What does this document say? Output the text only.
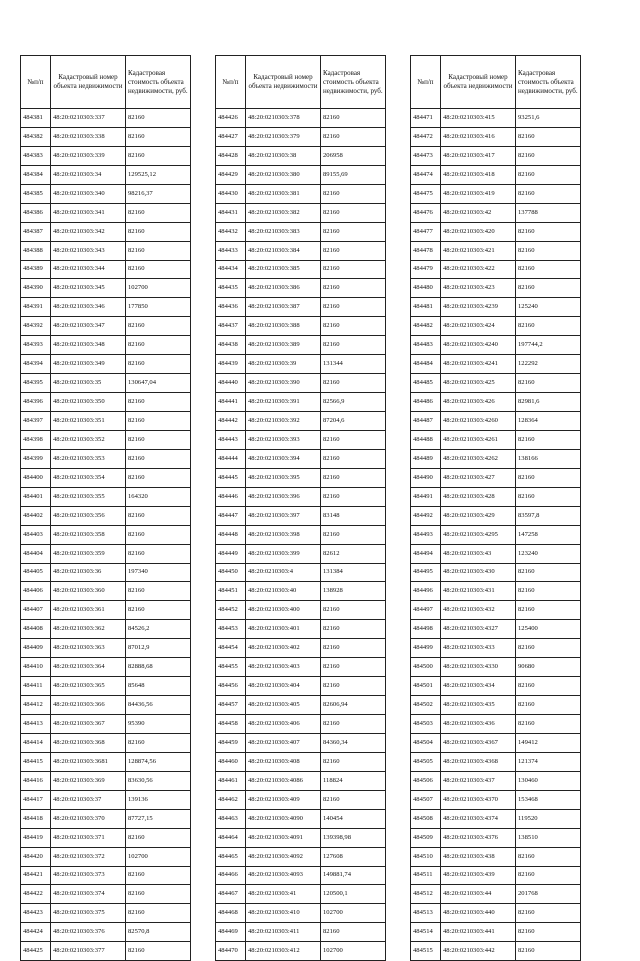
№п/п	Кадастровый номер объекта недвижимости	Кадастровая стоимость объекта недвижимости, руб.
484381	48:20:0210303:337	82160
484382	48:20:0210303:338	82160
484383	48:20:0210303:339	82160
484384	48:20:0210303:34	129525,12
484385	48:20:0210303:340	98216,37
484386	48:20:0210303:341	82160
484387	48:20:0210303:342	82160
484388	48:20:0210303:343	82160
484389	48:20:0210303:344	82160
484390	48:20:0210303:345	102700
484391	48:20:0210303:346	177850
484392	48:20:0210303:347	82160
484393	48:20:0210303:348	82160
484394	48:20:0210303:349	82160
484395	48:20:0210303:35	130647,04
484396	48:20:0210303:350	82160
484397	48:20:0210303:351	82160
484398	48:20:0210303:352	82160
484399	48:20:0210303:353	82160
484400	48:20:0210303:354	82160
484401	48:20:0210303:355	164320
484402	48:20:0210303:356	82160
484403	48:20:0210303:358	82160
484404	48:20:0210303:359	82160
484405	48:20:0210303:36	197340
484406	48:20:0210303:360	82160
484407	48:20:0210303:361	82160
484408	48:20:0210303:362	84526,2
484409	48:20:0210303:363	87012,9
484410	48:20:0210303:364	82888,68
484411	48:20:0210303:365	85648
484412	48:20:0210303:366	84436,56
484413	48:20:0210303:367	95390
484414	48:20:0210303:368	82160
484415	48:20:0210303:3681	128874,56
484416	48:20:0210303:369	83630,56
484417	48:20:0210303:37	139136
484418	48:20:0210303:370	87727,15
484419	48:20:0210303:371	82160
484420	48:20:0210303:372	102700
484421	48:20:0210303:373	82160
484422	48:20:0210303:374	82160
484423	48:20:0210303:375	82160
484424	48:20:0210303:376	82570,8
484425	48:20:0210303:377	82160
№п/п	Кадастровый номер объекта недвижимости	Кадастровая стоимость объекта недвижимости, руб.
484426	48:20:0210303:378	82160
484427	48:20:0210303:379	82160
484428	48:20:0210303:38	206958
484429	48:20:0210303:380	89155,69
484430	48:20:0210303:381	82160
484431	48:20:0210303:382	82160
484432	48:20:0210303:383	82160
484433	48:20:0210303:384	82160
484434	48:20:0210303:385	82160
484435	48:20:0210303:386	82160
484436	48:20:0210303:387	82160
484437	48:20:0210303:388	82160
484438	48:20:0210303:389	82160
484439	48:20:0210303:39	131344
484440	48:20:0210303:390	82160
484441	48:20:0210303:391	82566,9
484442	48:20:0210303:392	87204,6
484443	48:20:0210303:393	82160
484444	48:20:0210303:394	82160
484445	48:20:0210303:395	82160
484446	48:20:0210303:396	82160
484447	48:20:0210303:397	83148
484448	48:20:0210303:398	82160
484449	48:20:0210303:399	82612
484450	48:20:0210303:4	131384
484451	48:20:0210303:40	138928
484452	48:20:0210303:400	82160
484453	48:20:0210303:401	82160
484454	48:20:0210303:402	82160
484455	48:20:0210303:403	82160
484456	48:20:0210303:404	82160
484457	48:20:0210303:405	82606,94
484458	48:20:0210303:406	82160
484459	48:20:0210303:407	84360,34
484460	48:20:0210303:408	82160
484461	48:20:0210303:4086	118824
484462	48:20:0210303:409	82160
484463	48:20:0210303:4090	140454
484464	48:20:0210303:4091	139398,98
484465	48:20:0210303:4092	127608
484466	48:20:0210303:4093	149881,74
484467	48:20:0210303:41	120500,1
484468	48:20:0210303:410	102700
484469	48:20:0210303:411	82160
484470	48:20:0210303:412	102700
№п/п	Кадастровый номер объекта недвижимости	Кадастровая стоимость объекта недвижимости, руб.
484471	48:20:0210303:415	93251,6
484472	48:20:0210303:416	82160
484473	48:20:0210303:417	82160
484474	48:20:0210303:418	82160
484475	48:20:0210303:419	82160
484476	48:20:0210303:42	137788
484477	48:20:0210303:420	82160
484478	48:20:0210303:421	82160
484479	48:20:0210303:422	82160
484480	48:20:0210303:423	82160
484481	48:20:0210303:4239	125240
484482	48:20:0210303:424	82160
484483	48:20:0210303:4240	197744,2
484484	48:20:0210303:4241	122292
484485	48:20:0210303:425	82160
484486	48:20:0210303:426	82981,6
484487	48:20:0210303:4260	128364
484488	48:20:0210303:4261	82160
484489	48:20:0210303:4262	138166
484490	48:20:0210303:427	82160
484491	48:20:0210303:428	82160
484492	48:20:0210303:429	83597,8
484493	48:20:0210303:4295	147258
484494	48:20:0210303:43	123240
484495	48:20:0210303:430	82160
484496	48:20:0210303:431	82160
484497	48:20:0210303:432	82160
484498	48:20:0210303:4327	125400
484499	48:20:0210303:433	82160
484500	48:20:0210303:4330	90680
484501	48:20:0210303:434	82160
484502	48:20:0210303:435	82160
484503	48:20:0210303:436	82160
484504	48:20:0210303:4367	149412
484505	48:20:0210303:4368	121374
484506	48:20:0210303:437	130460
484507	48:20:0210303:4370	153468
484508	48:20:0210303:4374	119520
484509	48:20:0210303:4376	138510
484510	48:20:0210303:438	82160
484511	48:20:0210303:439	82160
484512	48:20:0210303:44	201768
484513	48:20:0210303:440	82160
484514	48:20:0210303:441	82160
484515	48:20:0210303:442	82160
